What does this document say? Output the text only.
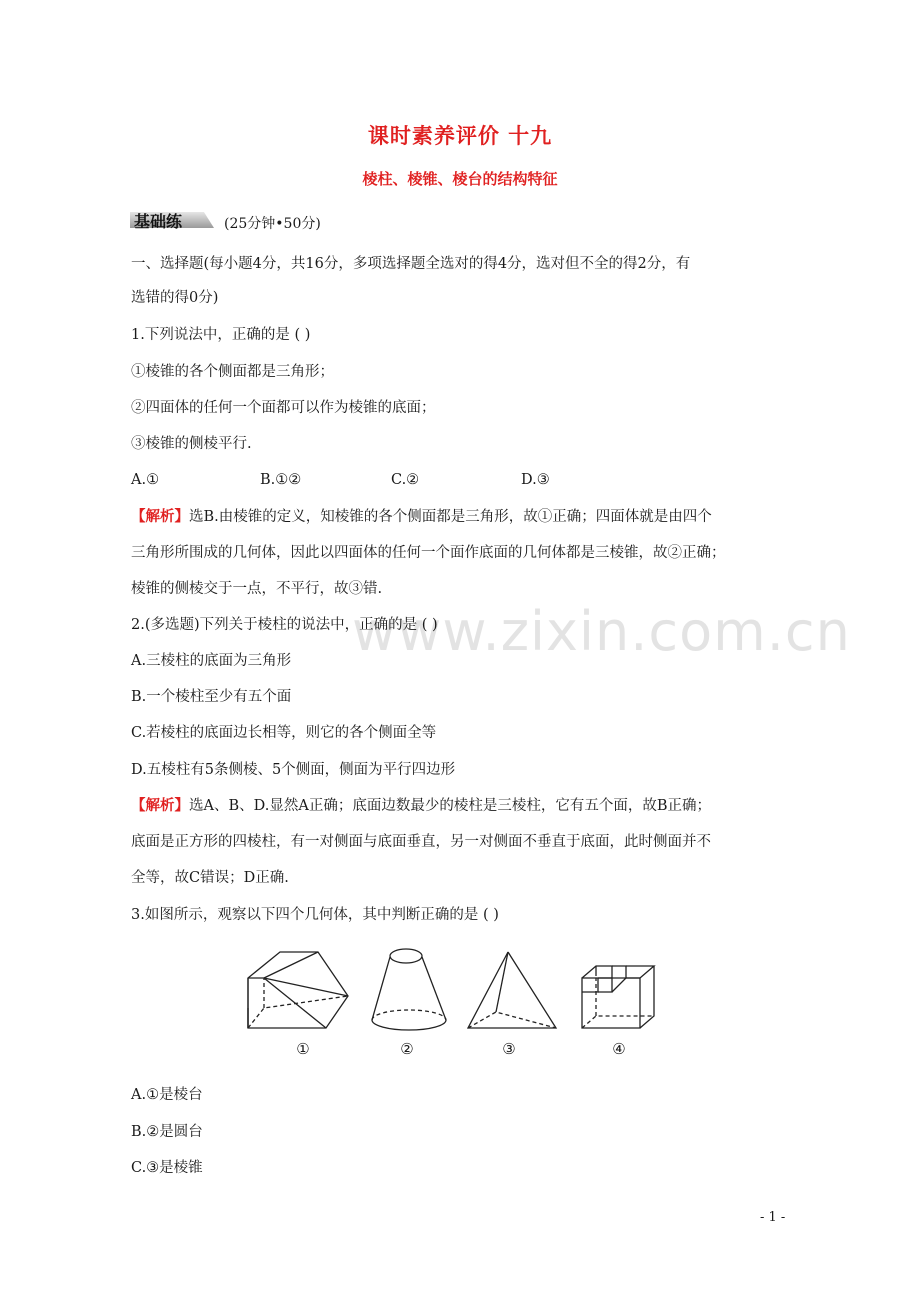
课时素养评价 十九
棱柱、棱锥、棱台的结构特征
基础练	(25分钟•50分)
一、选择题(每小题4分，共16分，多项选择题全选对的得4分，选对但不全的得2分，有
选错的得0分)
1.下列说法中，正确的是 ( )
①棱锥的各个侧面都是三角形；
②四面体的任何一个面都可以作为棱锥的底面；
③棱锥的侧棱平行.
A.①	B.①②	C.②	D.③
【解析】选B.由棱锥的定义，知棱锥的各个侧面都是三角形，故①正确；四面体就是由四个
三角形所围成的几何体，因此以四面体的任何一个面作底面的几何体都是三棱锥，故②正确；
棱锥的侧棱交于一点，不平行，故③错.
www.zixin.com.cn
2.(多选题)下列关于棱柱的说法中，正确的是 ( )
A.三棱柱的底面为三角形
B.一个棱柱至少有五个面
C.若棱柱的底面边长相等，则它的各个侧面全等
D.五棱柱有5条侧棱、5个侧面，侧面为平行四边形
【解析】选A、B、D.显然A正确；底面边数最少的棱柱是三棱柱，它有五个面，故B正确；
底面是正方形的四棱柱，有一对侧面与底面垂直，另一对侧面不垂直于底面，此时侧面并不
全等，故C错误；D正确.
3.如图所示，观察以下四个几何体，其中判断正确的是 ( )
①	②	③	④
A.①是棱台
B.②是圆台
C.③是棱锥
- 1 -
